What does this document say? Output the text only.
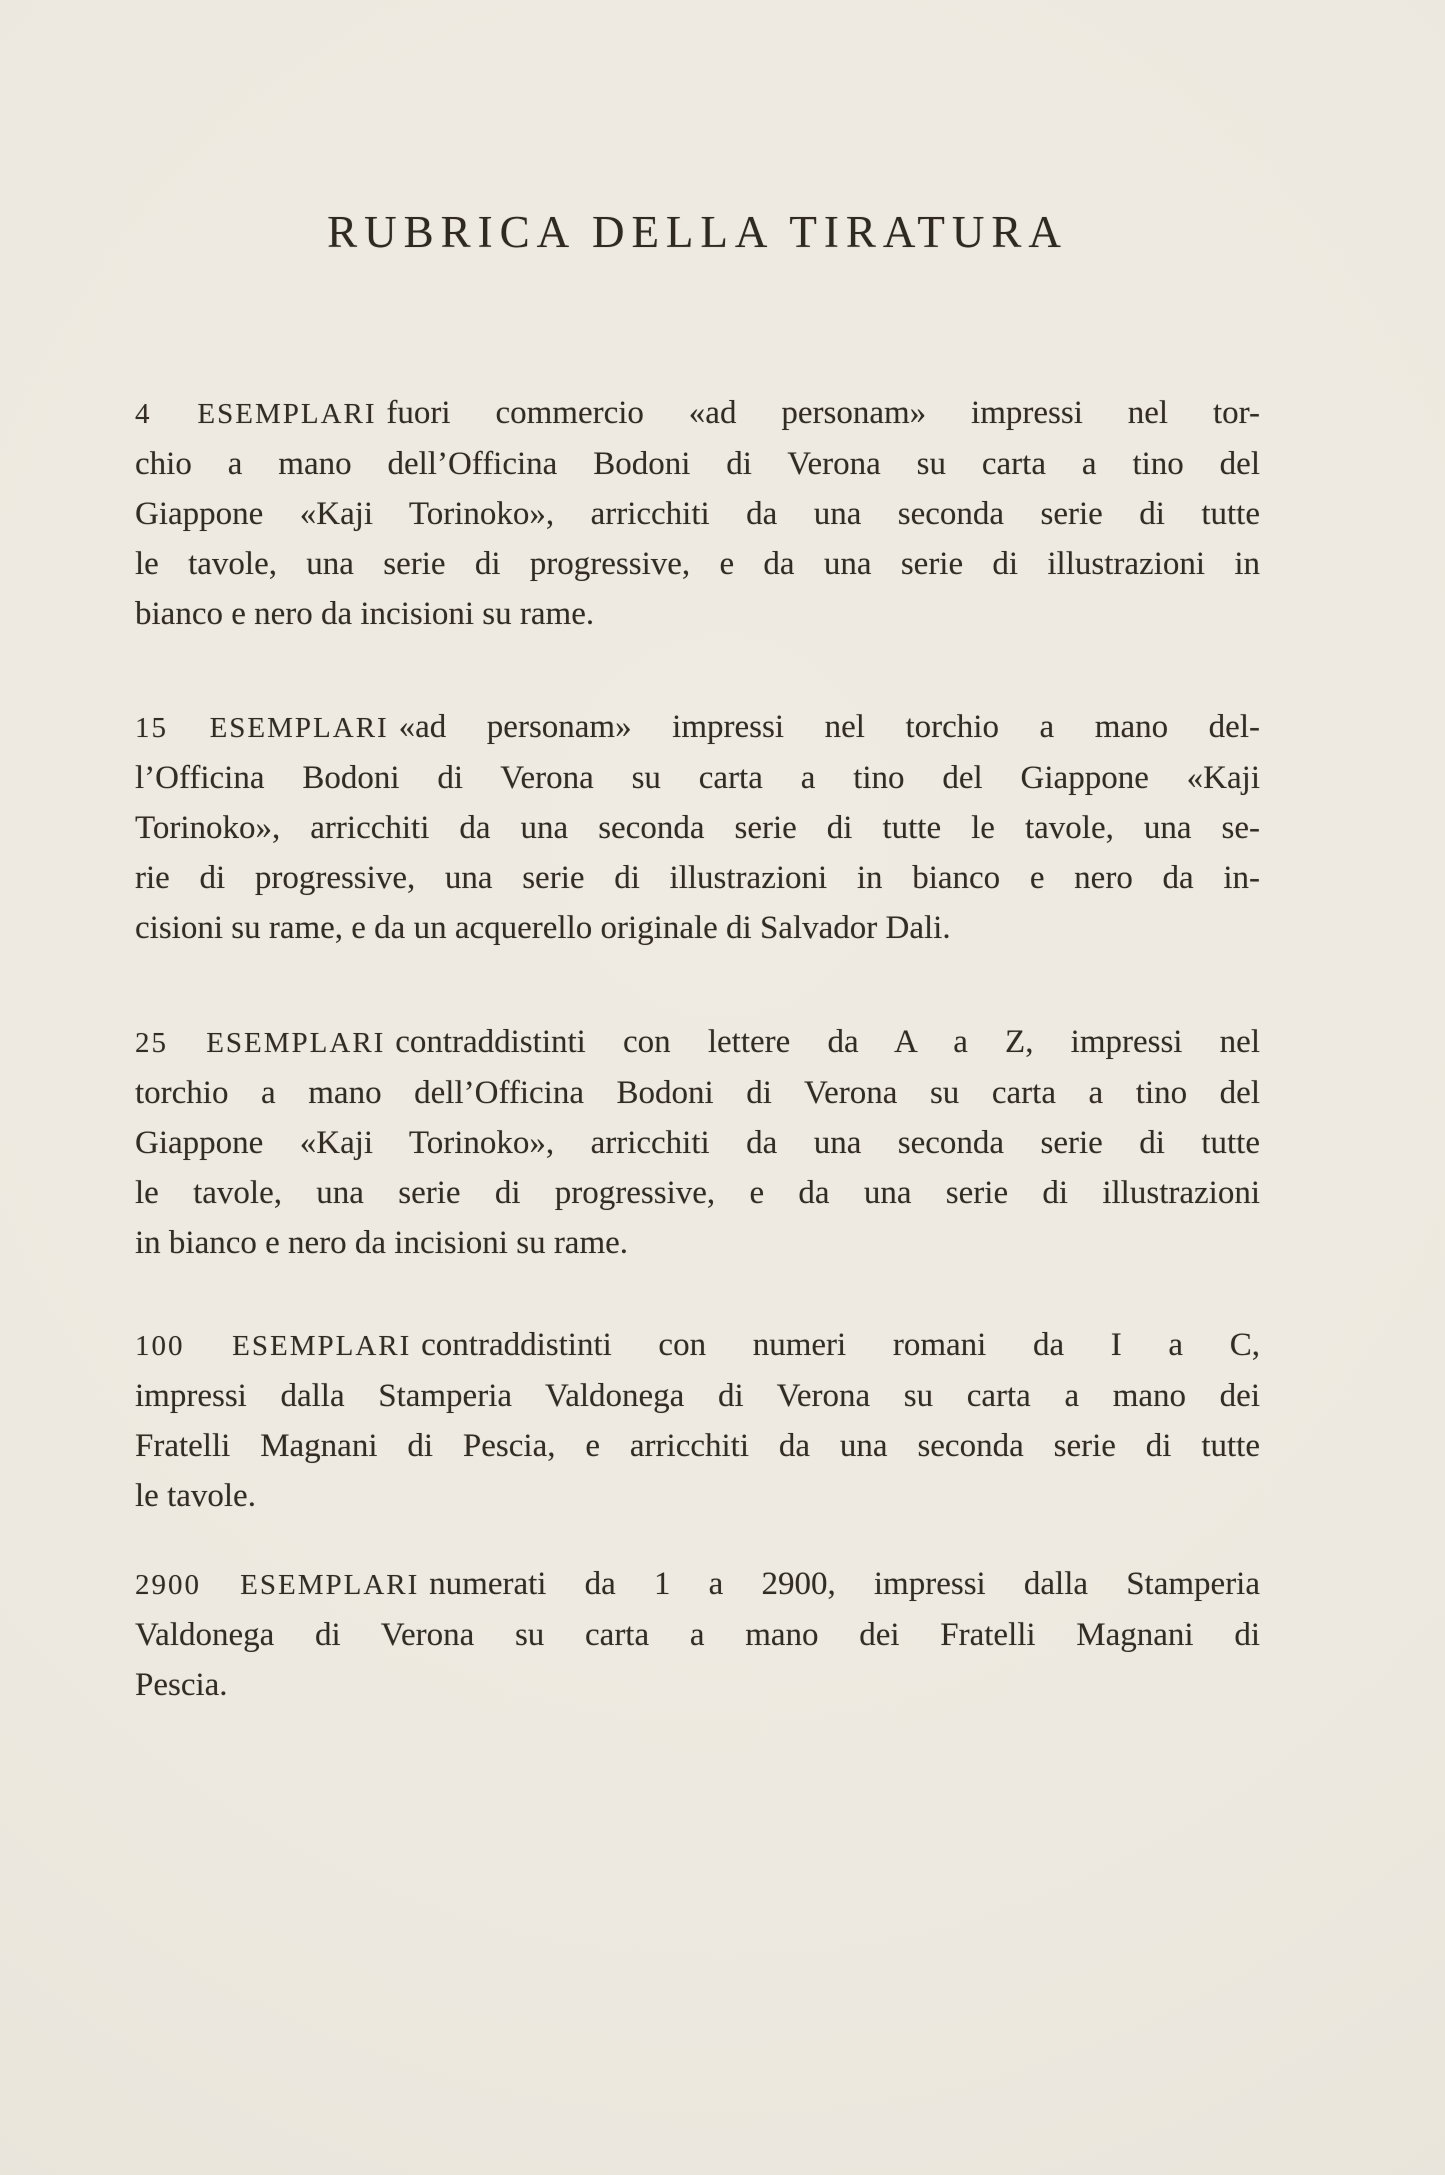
RUBRICA DELLA TIRATURA
4 ESEMPLARI fuori commercio «ad personam» impressi nel tor-
chio a mano dell’Officina Bodoni di Verona su carta a tino del
Giappone «Kaji Torinoko», arricchiti da una seconda serie di tutte
le tavole, una serie di progressive, e da una serie di illustrazioni in
bianco e nero da incisioni su rame.
15 ESEMPLARI «ad personam» impressi nel torchio a mano del-
l’Officina Bodoni di Verona su carta a tino del Giappone «Kaji
Torinoko», arricchiti da una seconda serie di tutte le tavole, una se-
rie di progressive, una serie di illustrazioni in bianco e nero da in-
cisioni su rame, e da un acquerello originale di Salvador Dali.
25 ESEMPLARI contraddistinti con lettere da A a Z, impressi nel
torchio a mano dell’Officina Bodoni di Verona su carta a tino del
Giappone «Kaji Torinoko», arricchiti da una seconda serie di tutte
le tavole, una serie di progressive, e da una serie di illustrazioni
in bianco e nero da incisioni su rame.
100 ESEMPLARI contraddistinti con numeri romani da I a C,
impressi dalla Stamperia Valdonega di Verona su carta a mano dei
Fratelli Magnani di Pescia, e arricchiti da una seconda serie di tutte
le tavole.
2900 ESEMPLARI numerati da 1 a 2900, impressi dalla Stamperia
Valdonega di Verona su carta a mano dei Fratelli Magnani di
Pescia.
